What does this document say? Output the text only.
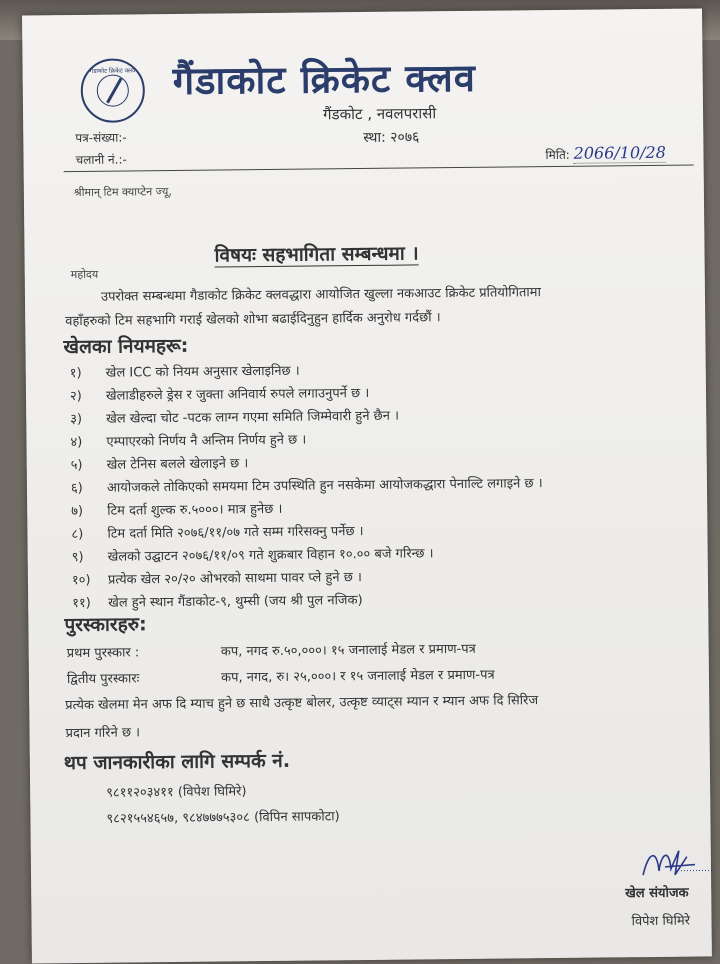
गैंडाकोट क्रिकेट क्लव गैंडाकोट क्रिकेट क्लव
गैंडकोट , नवलपरासी
स्था: २०७६
पत्र-संख्या:-
चलानी नं.:-	मिति: 2066/10/28
श्रीमान् टिम क्याप्टेन ज्यू,
विषयः सहभागिता सम्बन्धमा ।
महोदय
उपरोक्त सम्बन्धमा गैडाकोट क्रिकेट क्लवद्धारा आयोजित खुल्ला नकआउट क्रिकेट प्रतियोगितामा
वहाँहरुको टिम सहभागि गराई खेलको शोभा बढाईदिनुहुन हार्दिक अनुरोध गर्दछौं ।
खेलका नियमहरू:
१)	खेल ICC को नियम अनुसार खेलाइनिछ ।
२)	खेलाडीहरुले ड्रेस र जुक्ता अनिवार्य रुपले लगाउनुपर्ने छ ।
३)	खेल खेल्दा चोट -पटक लाग्न गएमा समिति जिम्मेवारी हुने छैन ।
४)	एम्पाएरको निर्णय नै अन्तिम निर्णय हुने छ ।
५)	खेल टेनिस बलले खेलाइने छ ।
६)	आयोजकले तोकिएको समयमा टिम उपस्थिति हुन नसकेमा आयोजकद्धारा पेनाल्टि लगाइने छ ।
७)	टिम दर्ता शुल्क रु.५०००। मात्र हुनेछ ।
८)	टिम दर्ता मिति २०७६/११/०७ गते सम्म गरिसक्नु पर्नेछ ।
९)	खेलको उद्घाटन २०७६/११/०९ गते शुक्रबार विहान १०.०० बजे गरिन्छ ।
१०)	प्रत्येक खेल २०/२० ओभरको साथमा पावर प्ले हुने छ ।
११)	खेल हुने स्थान गैंडाकोट-९, थुम्सी (जय श्री पुल नजिक)
पुरस्कारहरु:
प्रथम पुरस्कार :	कप, नगद रु.५०,०००। १५ जनालाई मेडल र प्रमाण-पत्र
द्वितीय पुरस्कारः	कप, नगद, रु। २५,०००। र १५ जनालाई मेडल र प्रमाण-पत्र
प्रत्येक खेलमा मेन अफ दि म्याच हुने छ साथै उत्कृष्ट बोलर, उत्कृष्ट व्याट्स म्यान र म्यान अफ दि सिरिज
प्रदान गरिने छ ।
थप जानकारीका लागि सम्पर्क नं.
९८११२०३४११ (विपेश घिमिरे)
९८२१५५४६५७, ९८४७७७५३०८ (विपिन सापकोटा)
खेल संयोजक
विपेश घिमिरे
